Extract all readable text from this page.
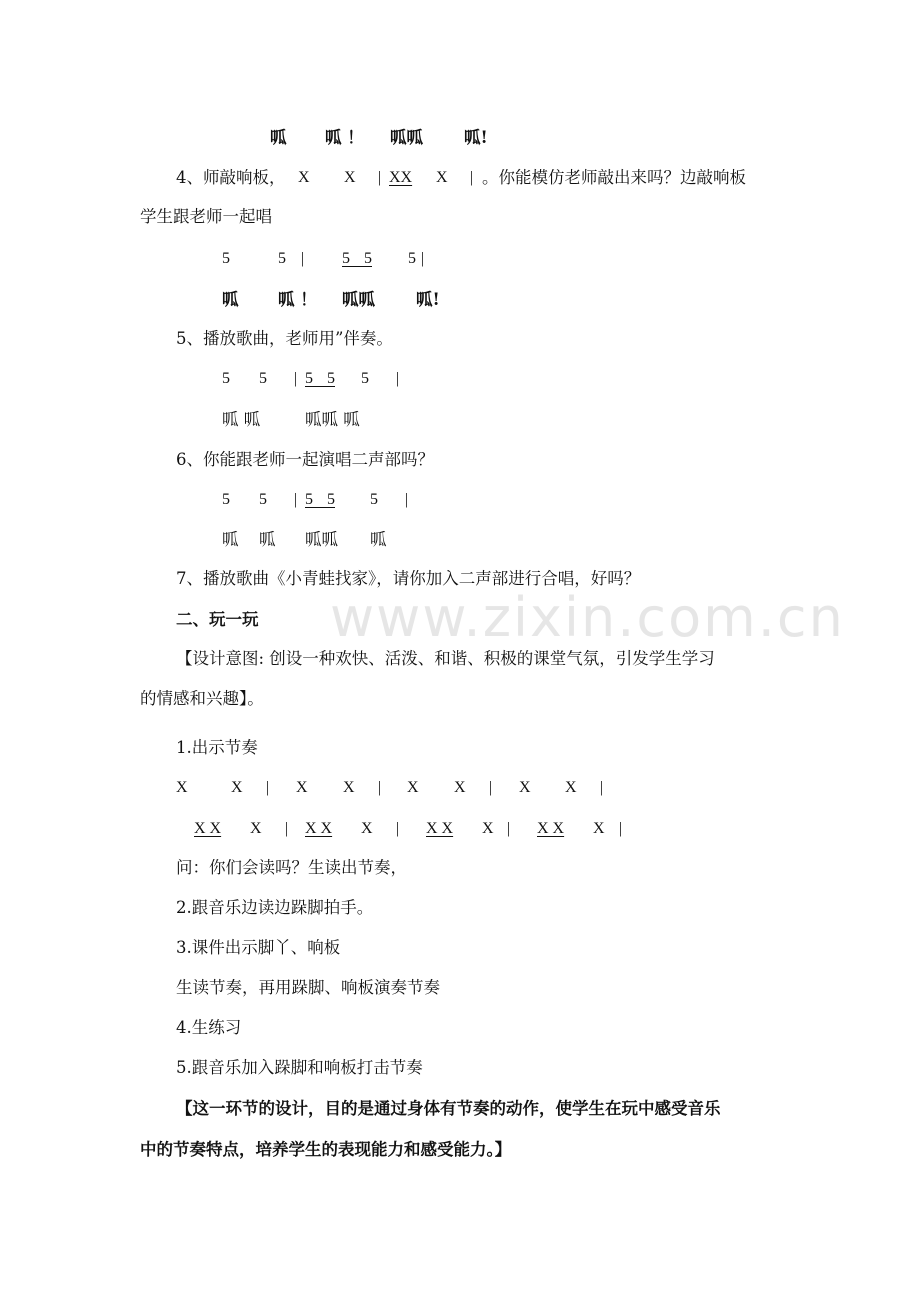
www.zixin.com.cn
呱 呱 ！ 呱呱 呱!
4、师敲响板， X X | XX X | 。你能模仿老师敲出来吗？边敲响板
学生跟老师一起唱
5	5 | 5 5 5 |
呱 呱 ！ 呱呱 呱!
5、播放歌曲，老师用”伴奏。
5 5 | 5 5 5 |
呱 呱	呱呱 呱
6、你能跟老师一起演唱二声部吗？
5 5 | 5 5 5 |
呱 呱 呱呱 呱
7、播放歌曲《小青蛙找家》，请你加入二声部进行合唱，好吗？
二、玩一玩
【设计意图: 创设一种欢快、活泼、和谐、积极的课堂气氛，引发学生学习
的情感和兴趣】。
1.出示节奏
X	X | X X | X X | X X |
X X X | X X X | X X X | X X X |
问：你们会读吗？生读出节奏，
2.跟音乐边读边跺脚拍手。
3.课件出示脚丫、响板
生读节奏，再用跺脚、响板演奏节奏
4.生练习
5.跟音乐加入跺脚和响板打击节奏
【这一环节的设计，目的是通过身体有节奏的动作，使学生在玩中感受音乐
中的节奏特点，培养学生的表现能力和感受能力。】
